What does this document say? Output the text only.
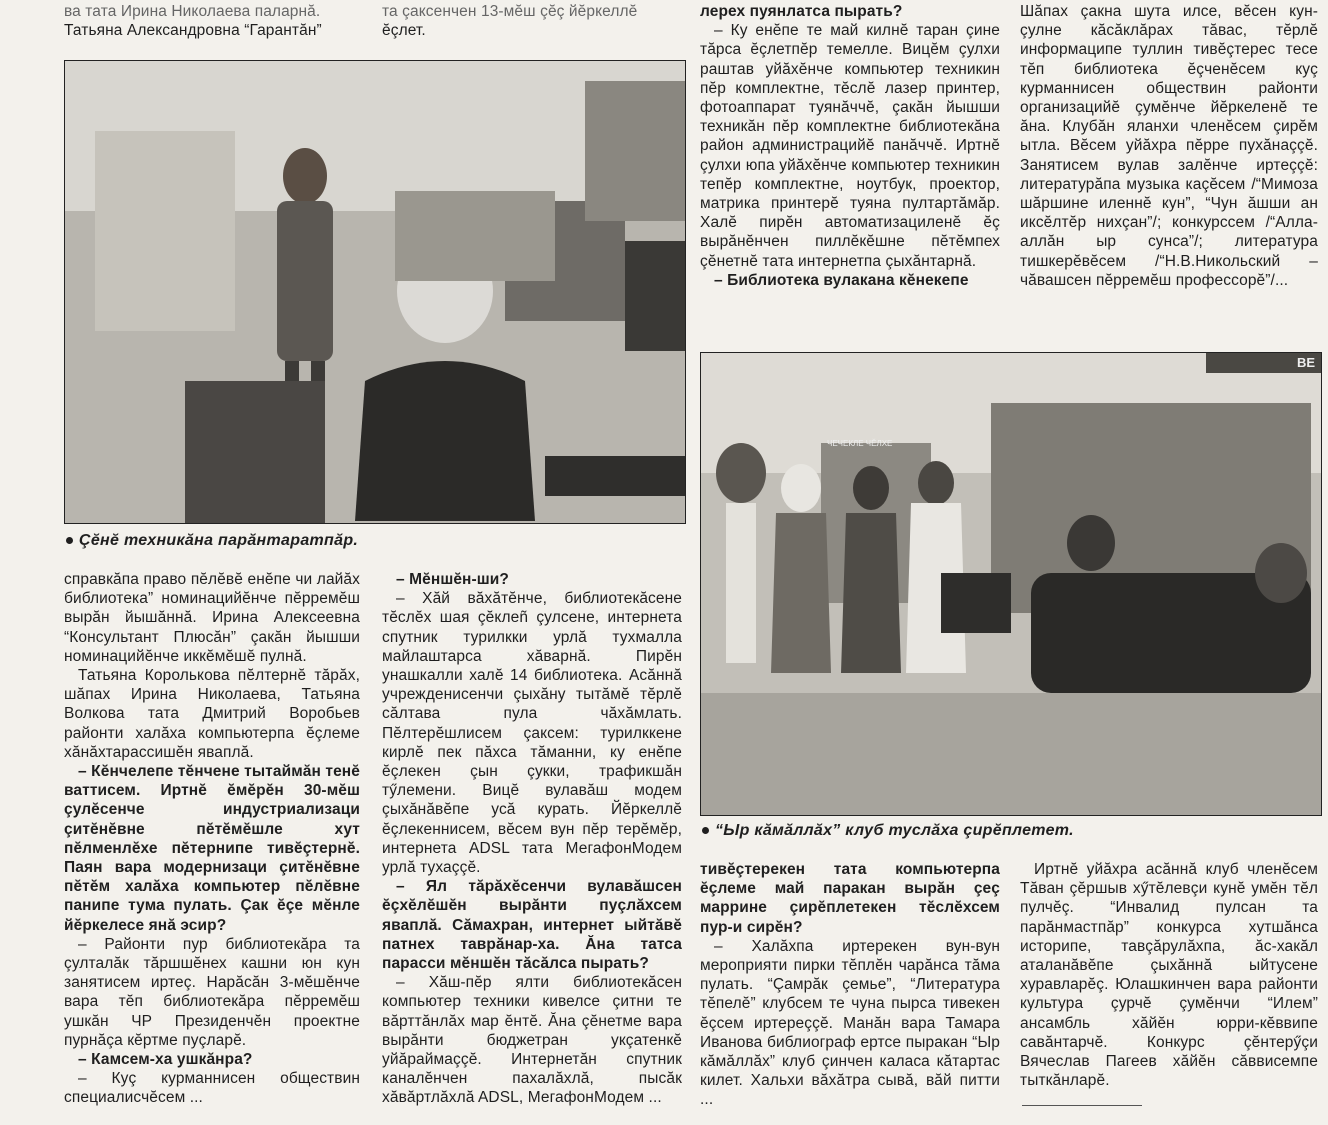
ва тата Ирина Николаева паларнă.

Татьяна Александровна “Гарантăн”

та çаксенчен 13-мĕш çĕç йĕркеллĕ

ĕçлет.

Çĕнĕ техникăна парăнтаратпăр.

справкăпа право пĕлĕвĕ енĕпе чи лайăх библиотека” номинацийĕнче пĕрремĕш вырăн йышăннă. Ирина Алексеевна “Консультант Плюсăн” çакăн йышши номинацийĕнче иккĕмĕшĕ пулнă.

Татьяна Королькова пĕлтернĕ тăрăх, шăпах Ирина Николаева, Татьяна Волкова тата Дмитрий Воробьев районти халăха компьютерпа ĕçлеме хăнăхтарассишĕн яваплă.

– Кĕнчелепе тĕнчене тытаймăн тенĕ ваттисем. Иртнĕ ĕмĕрĕн 30-мĕш çулĕсенче индустриализаци çитĕнĕвне пĕтĕмĕшле хут пĕлменлĕхе пĕтернипе тивĕçтернĕ. Паян вара модернизаци çитĕнĕвне пĕтĕм халăха компьютер пĕлĕвне панипе тума пулать. Çак ĕçе мĕнле йĕркелесе янă эсир?

– Районти пур библиотекăра та çулталăк тăршшĕнех кашни юн кун занятисем иртеç. Нарăсăн 3-мĕшĕнче вара тĕп библиотекăра пĕрремĕш ушкăн ЧР Президенчĕн проектне пурнăçа кĕртме пуçларĕ.

– Камсем-ха ушкăнра?

– Куç курманнисен обществин специалисчĕсем ...

– Мĕншĕн-ши?

– Хăй вăхăтĕнче, библиотекăсене тĕслĕх шая çĕклеñ çулсене, интернета спутник турилкки урлă тухмалла майлаштарса хăварнă. Пирĕн унашкалли халĕ 14 библиотека. Асăннă учрежденисенчи çыхăну тытăмĕ тĕрлĕ сăлтава пула чăхăмлать. Пĕлтерĕшлисем çаксем: турилккене кирлĕ пек пăхса тăманни, ку енĕпе ĕçлекен çын çукки, трафикшăн тӳлемени. Вицĕ вулавăш модем çыхăнăвĕпе усă курать. Йĕркеллĕ ĕçлекеннисем, вĕсем вун пĕр терĕмĕр, интернета ADSL тата МегафонМодем урлă тухаççĕ.

– Ял тăрăхĕсенчи вулавăшсен ĕçхĕлĕшĕн вырăнти пуçлăхсем яваплă. Сăмахран, интернет ыйтăвĕ патнех таврăнар-ха. Ăна татса парасси мĕншĕн тăсăлса пырать?

– Хăш-пĕр ялти библиотекăсен компьютер техники кивелсе çитни те вăрттăнлăх мар ĕнтĕ. Ăна çĕнетме вара вырăнти бюджетран укçатенкĕ уйăраймаççĕ. Интернетăн спутник каналĕнчен пахалăхлă, пысăк хăвăртлăхлă ADSL, МегафонМодем ...

лерех пуянлатса пырать?

– Ку енĕпе те май килнĕ таран çине тăрса ĕçлетпĕр темелле. Вицĕм çулхи раштав уйăхĕнче компьютер техникин пĕр комплектне, тĕслĕ лазер принтер, фотоаппарат туянăччĕ, çакăн йышши техникăн пĕр комплектне библиотекăна район администрацийĕ панăччĕ. Иртнĕ çулхи юпа уйăхĕнче компьютер техникин тепĕр комплектне, ноутбук, проектор, матрика принтерĕ туяна пултартăмăр. Халĕ пирĕн автоматизациленĕ ĕç вырăнĕнчен пиллĕкĕшне пĕтĕмпех çĕнетнĕ тата интернетпа çыхăнтарнă.

– Библиотека вулакана кĕнекепе

Шăпах çакна шута илсе, вĕсен кун-çулне кăсăклăрах тăвас, тĕрлĕ информаципе туллин тивĕçтерес тесе тĕп библиотека ĕçченĕсем куç курманнисен обществин районти организацийĕ çумĕнче йĕркеленĕ те ăна. Клубăн яланхи членĕсем çирĕм ытла. Вĕсем уйăхра пĕрре пухăнаççĕ. Занятисем вулав залĕнче иртеççĕ: литературăпа музыка каçĕсем /“Мимоза шăршине иленнĕ кун”, “Чун ăшши ан иксĕлтĕр нихçан”/; конкурссем /“Алла-аллăн ыр сунса”/; литература тишкерĕвĕсем /“Н.В.Никольский – чăвашсен пĕрремĕш профессорĕ”/...

ВЕ
ЧЕЧЕКЛЕ ЧĔЛХЕ
“Ыр кăмăллăх” клуб туслăха çирĕплетет.

тивĕçтерекен тата компьютерпа ĕçлеме май паракан вырăн çеç марринe çирĕплетекен тĕслĕхсем пур-и сирĕн?

– Халăхпа иртерекен вун-вун мероприяти пирки тĕплĕн чарăнса тăма пулать. “Çамрăк çемье”, “Литература тĕпелĕ” клубсем те чуна пырса тивекен ĕçсем иртереççĕ. Манăн вара Тамара Иванова библиограф ертсе пыракан “Ыр кăмăллăх” клуб çинчен каласа кăтартас килет. Хальхи вăхăтра сывă, вăй питти ...

Иртнĕ уйăхра асăннă клуб членĕсем Тăван çĕршыв хӳтĕлевçи кунĕ умĕн тĕл пулчĕç. “Инвалид пулсан та парăнмастпăр” конкурса хутшăнса историпе, тавçăрулăхпа, ăс-хакăл аталанăвĕпе çыхăннă ыйтусене хуравларĕç. Юлашкинчен вара районти культура çурчĕ çумĕнчи “Илем” ансамбль хăйĕн юрри-кĕввипе савăнтарчĕ. Конкурс çĕнтерӳçи Вячеслав Пагеев хăйĕн сăввисемпе тыткăнларĕ.
